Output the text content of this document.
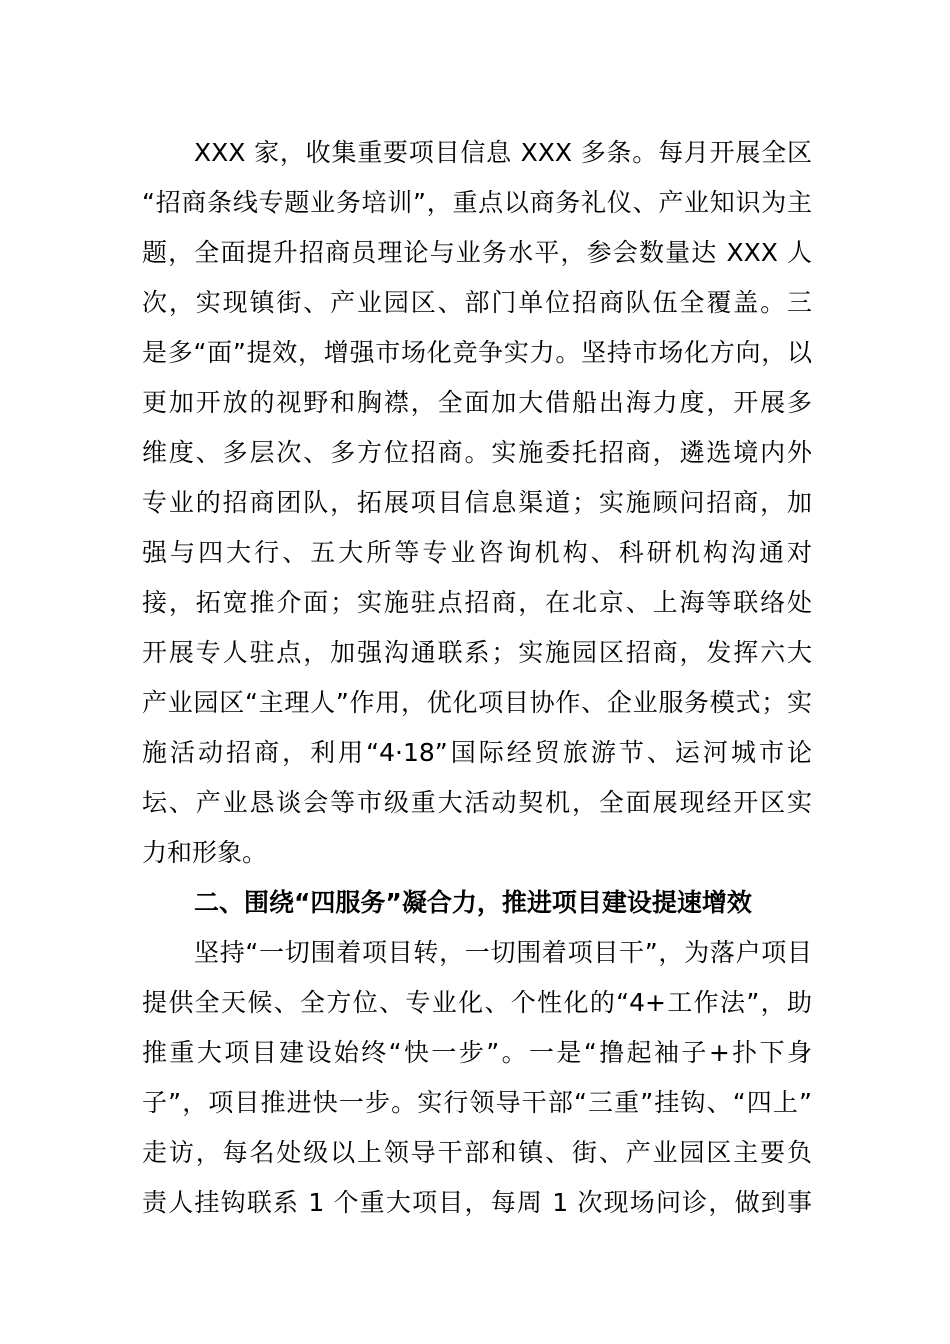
XXX 家，收集重要项目信息 XXX 多条。每月开展全区
“招商条线专题业务培训”，重点以商务礼仪、产业知识为主
题，全面提升招商员理论与业务水平，参会数量达 XXX 人
次，实现镇街、产业园区、部门单位招商队伍全覆盖。三
是多“面”提效，增强市场化竞争实力。坚持市场化方向，以
更加开放的视野和胸襟，全面加大借船出海力度，开展多
维度、多层次、多方位招商。实施委托招商，遴选境内外
专业的招商团队，拓展项目信息渠道；实施顾问招商，加
强与四大行、五大所等专业咨询机构、科研机构沟通对
接，拓宽推介面；实施驻点招商，在北京、上海等联络处
开展专人驻点，加强沟通联系；实施园区招商，发挥六大
产业园区“主理人”作用，优化项目协作、企业服务模式；实
施活动招商，利用“4·18”国际经贸旅游节、运河城市论
坛、产业恳谈会等市级重大活动契机，全面展现经开区实
力和形象。
二、围绕“四服务”凝合力，推进项目建设提速增效
坚持“一切围着项目转，一切围着项目干”，为落户项目
提供全天候、全方位、专业化、个性化的“4+工作法”，助
推重大项目建设始终“快一步”。一是“撸起袖子+扑下身
子”，项目推进快一步。实行领导干部“三重”挂钩、“四上”
走访，每名处级以上领导干部和镇、街、产业园区主要负
责人挂钩联系 1 个重大项目，每周 1 次现场问诊，做到事
